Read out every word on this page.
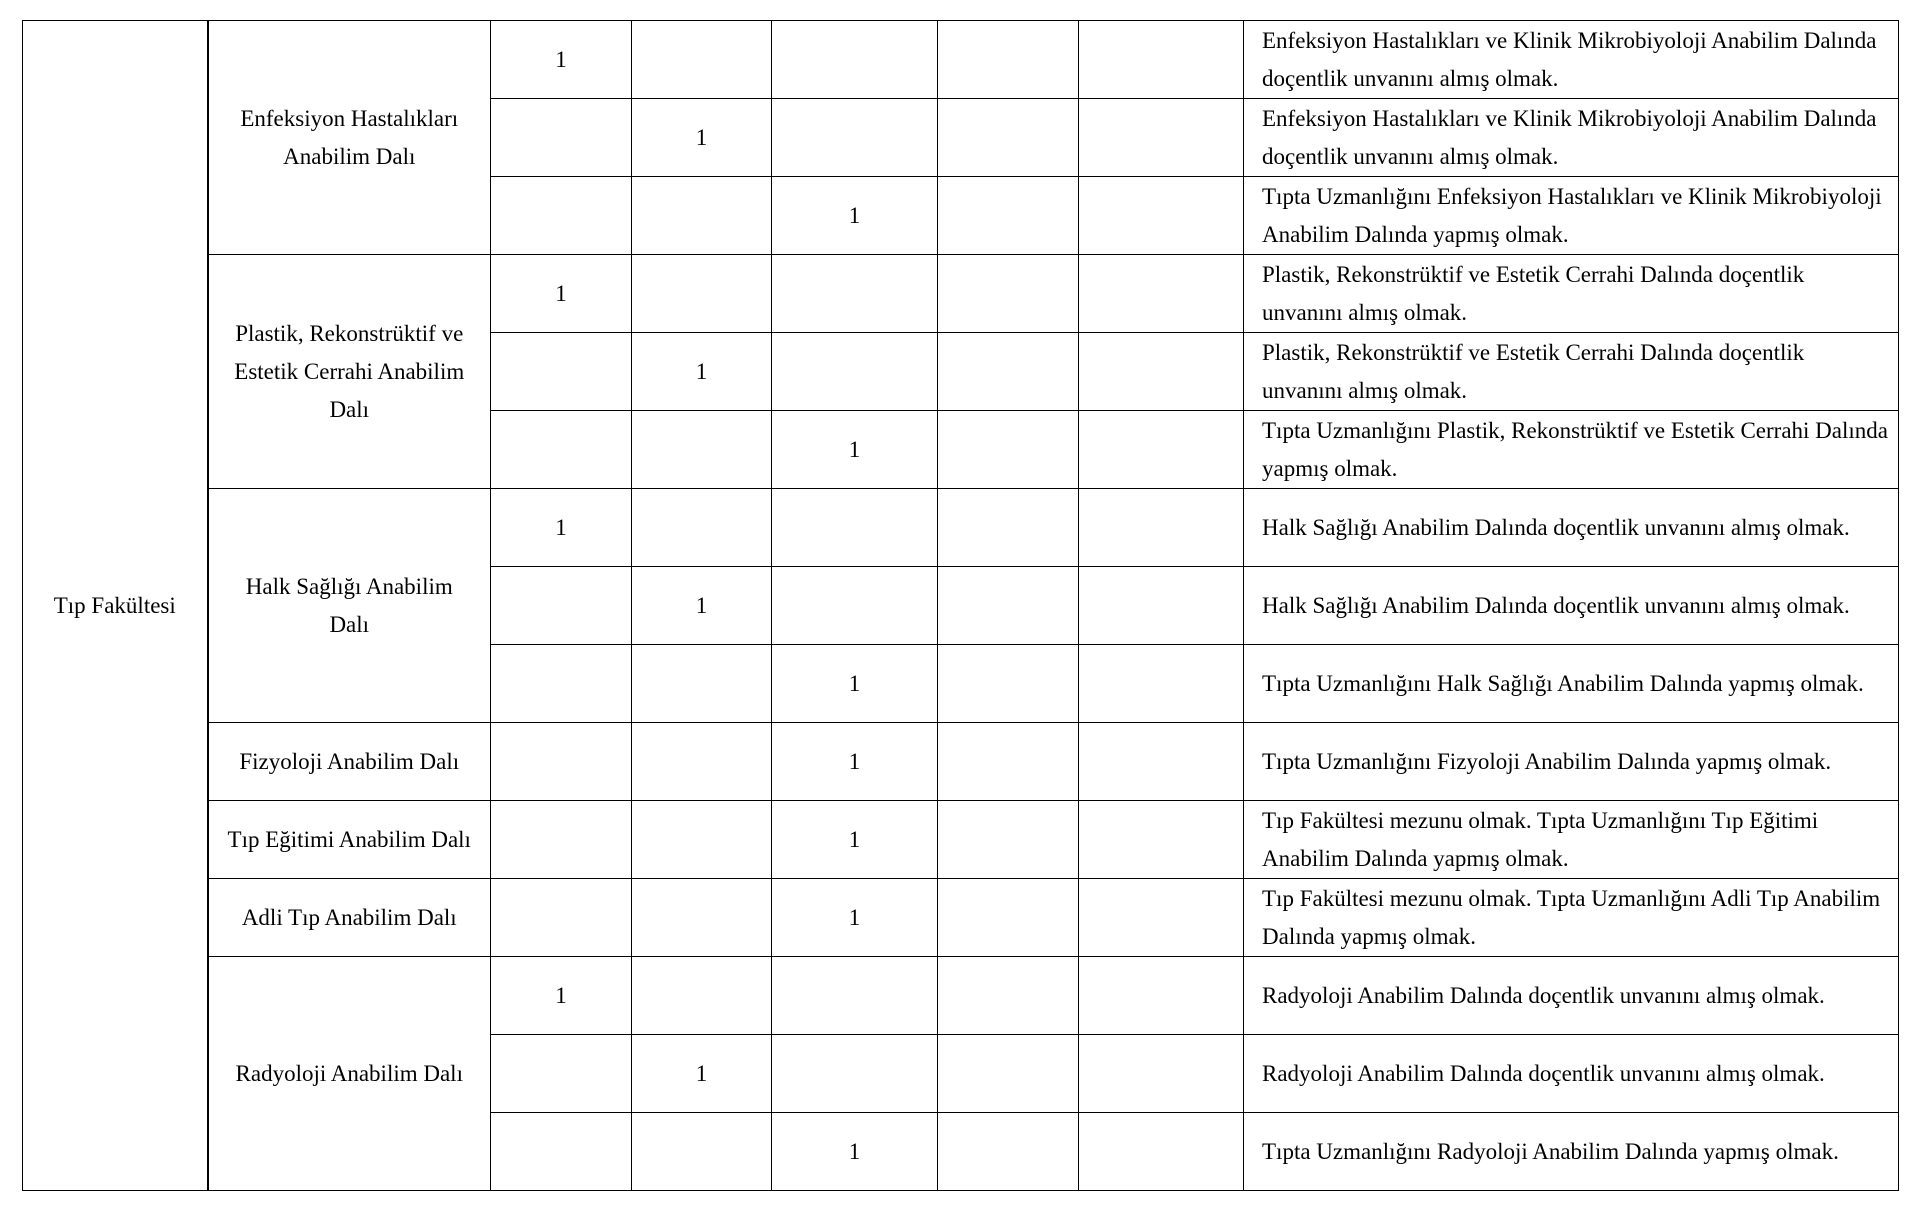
Tıp Fakültesi	Enfeksiyon Hastalıkları Anabilim Dalı	1					Enfeksiyon Hastalıkları ve Klinik Mikrobiyoloji Anabilim Dalında doçentlik unvanını almış olmak.
			1				Enfeksiyon Hastalıkları ve Klinik Mikrobiyoloji Anabilim Dalında doçentlik unvanını almış olmak.
				1			Tıpta Uzmanlığını Enfeksiyon Hastalıkları ve Klinik Mikrobiyoloji Anabilim Dalında yapmış olmak.
	Plastik, Rekonstrüktif ve Estetik Cerrahi Anabilim Dalı	1					Plastik, Rekonstrüktif ve Estetik Cerrahi Dalında doçentlik unvanını almış olmak.
			1				Plastik, Rekonstrüktif ve Estetik Cerrahi Dalında doçentlik unvanını almış olmak.
				1			Tıpta Uzmanlığını Plastik, Rekonstrüktif ve Estetik Cerrahi Dalında yapmış olmak.
	Halk Sağlığı Anabilim Dalı	1					Halk Sağlığı Anabilim Dalında doçentlik unvanını almış olmak.
			1				Halk Sağlığı Anabilim Dalında doçentlik unvanını almış olmak.
				1			Tıpta Uzmanlığını Halk Sağlığı Anabilim Dalında yapmış olmak.
	Fizyoloji Anabilim Dalı			1			Tıpta Uzmanlığını Fizyoloji Anabilim Dalında yapmış olmak.
	Tıp Eğitimi Anabilim Dalı			1			Tıp Fakültesi mezunu olmak. Tıpta Uzmanlığını Tıp Eğitimi Anabilim Dalında yapmış olmak.
	Adli Tıp Anabilim Dalı			1			Tıp Fakültesi mezunu olmak. Tıpta Uzmanlığını Adli Tıp Anabilim Dalında yapmış olmak.
	Radyoloji Anabilim Dalı	1					Radyoloji Anabilim Dalında doçentlik unvanını almış olmak.
			1				Radyoloji Anabilim Dalında doçentlik unvanını almış olmak.
				1			Tıpta Uzmanlığını Radyoloji Anabilim Dalında yapmış olmak.
